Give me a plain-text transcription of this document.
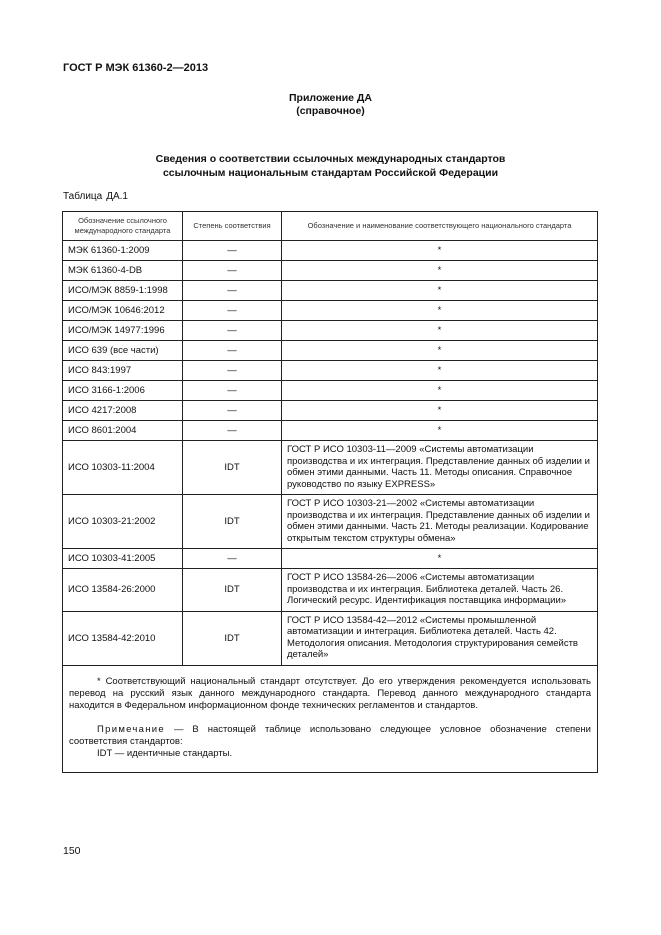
ГОСТ Р МЭК 61360-2—2013
Приложение ДА
(справочное)
Сведения о соответствии ссылочных международных стандартов
ссылочным национальным стандартам Российской Федерации
Таблица ДА.1
Обозначение ссылочного международного стандарта	Степень соответствия	Обозначение и наименование соответствующего национального стандарта
МЭК 61360-1:2009	—	*
МЭК 61360-4-DB	—	*
ИСО/МЭК 8859-1:1998	—	*
ИСО/МЭК 10646:2012	—	*
ИСО/МЭК 14977:1996	—	*
ИСО 639 (все части)	—	*
ИСО 843:1997	—	*
ИСО 3166-1:2006	—	*
ИСО 4217:2008	—	*
ИСО 8601:2004	—	*
ИСО 10303-11:2004	IDT	ГОСТ Р ИСО 10303-11—2009 «Системы автоматизации производства и их интеграция. Представление данных об изделии и обмен этими данными. Часть 11. Методы описания. Справочное руководство по языку EXPRESS»
ИСО 10303-21:2002	IDT	ГОСТ Р ИСО 10303-21—2002 «Системы автоматизации производства и их интеграция. Представление данных об изделии и обмен этими данными. Часть 21. Методы реализации. Кодирование открытым текстом структуры обмена»
ИСО 10303-41:2005	—	*
ИСО 13584-26:2000	IDT	ГОСТ Р ИСО 13584-26—2006 «Системы автоматизации производства и их интеграция. Библиотека деталей. Часть 26. Логический ресурс. Идентификация поставщика информации»
ИСО 13584-42:2010	IDT	ГОСТ Р ИСО 13584-42—2012 «Системы промышленной автоматизации и интеграция. Библиотека деталей. Часть 42. Методология описания. Методология структурирования семейств деталей»

* Соответствующий национальный стандарт отсутствует. До его утверждения рекомендуется использовать перевод на русский язык данного международного стандарта. Перевод данного международного стандарта находится в Федеральном информационном фонде технических регламентов и стандартов.

Примечание — В настоящей таблице использовано следующее условное обозначение степени соответствия стандартов:

IDT — идентичные стандарты.		
150
